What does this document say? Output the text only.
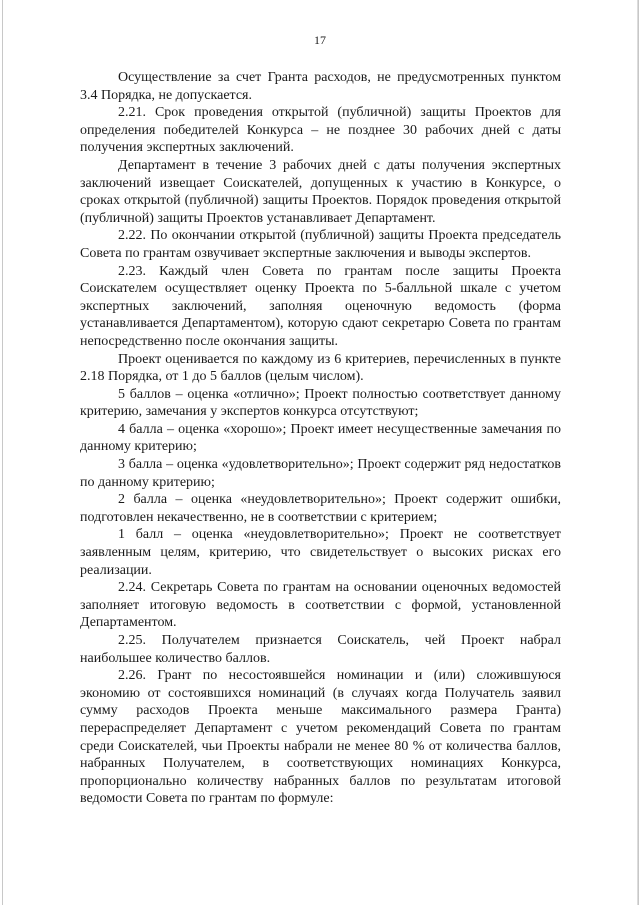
17

Осуществление за счет Гранта расходов, не предусмотренных пунктом 3.4 Порядка, не допускается.

2.21. Срок проведения открытой (публичной) защиты Проектов для определения победителей Конкурса – не позднее 30 рабочих дней с даты получения экспертных заключений.

Департамент в течение 3 рабочих дней с даты получения экспертных заключений извещает Соискателей, допущенных к участию в Конкурсе, о сроках открытой (публичной) защиты Проектов. Порядок проведения открытой (публичной) защиты Проектов устанавливает Департамент.

2.22. По окончании открытой (публичной) защиты Проекта председатель Совета по грантам озвучивает экспертные заключения и выводы экспертов.

2.23. Каждый член Совета по грантам после защиты Проекта Соискателем осуществляет оценку Проекта по 5-балльной шкале с учетом экспертных заключений, заполняя оценочную ведомость (форма устанавливается Департаментом), которую сдают секретарю Совета по грантам непосредственно после окончания защиты.

Проект оценивается по каждому из 6 критериев, перечисленных в пункте 2.18 Порядка, от 1 до 5 баллов (целым числом).

5 баллов – оценка «отлично»; Проект полностью соответствует данному критерию, замечания у экспертов конкурса отсутствуют;

4 балла – оценка «хорошо»; Проект имеет несущественные замечания по данному критерию;

3 балла – оценка «удовлетворительно»; Проект содержит ряд недостатков по данному критерию;

2 балла – оценка «неудовлетворительно»; Проект содержит ошибки, подготовлен некачественно, не в соответствии с критерием;

1 балл – оценка «неудовлетворительно»; Проект не соответствует заявленным целям, критерию, что свидетельствует о высоких рисках его реализации.

2.24. Секретарь Совета по грантам на основании оценочных ведомостей заполняет итоговую ведомость в соответствии с формой, установленной Департаментом.

2.25. Получателем признается Соискатель, чей Проект набрал наибольшее количество баллов.

2.26. Грант по несостоявшейся номинации и (или) сложившуюся экономию от состоявшихся номинаций (в случаях когда Получатель заявил сумму расходов Проекта меньше максимального размера Гранта) перераспределяет Департамент с учетом рекомендаций Совета по грантам среди Соискателей, чьи Проекты набрали не менее 80 % от количества баллов, набранных Получателем, в соответствующих номинациях Конкурса, пропорционально количеству набранных баллов по результатам итоговой ведомости Совета по грантам по формуле:
